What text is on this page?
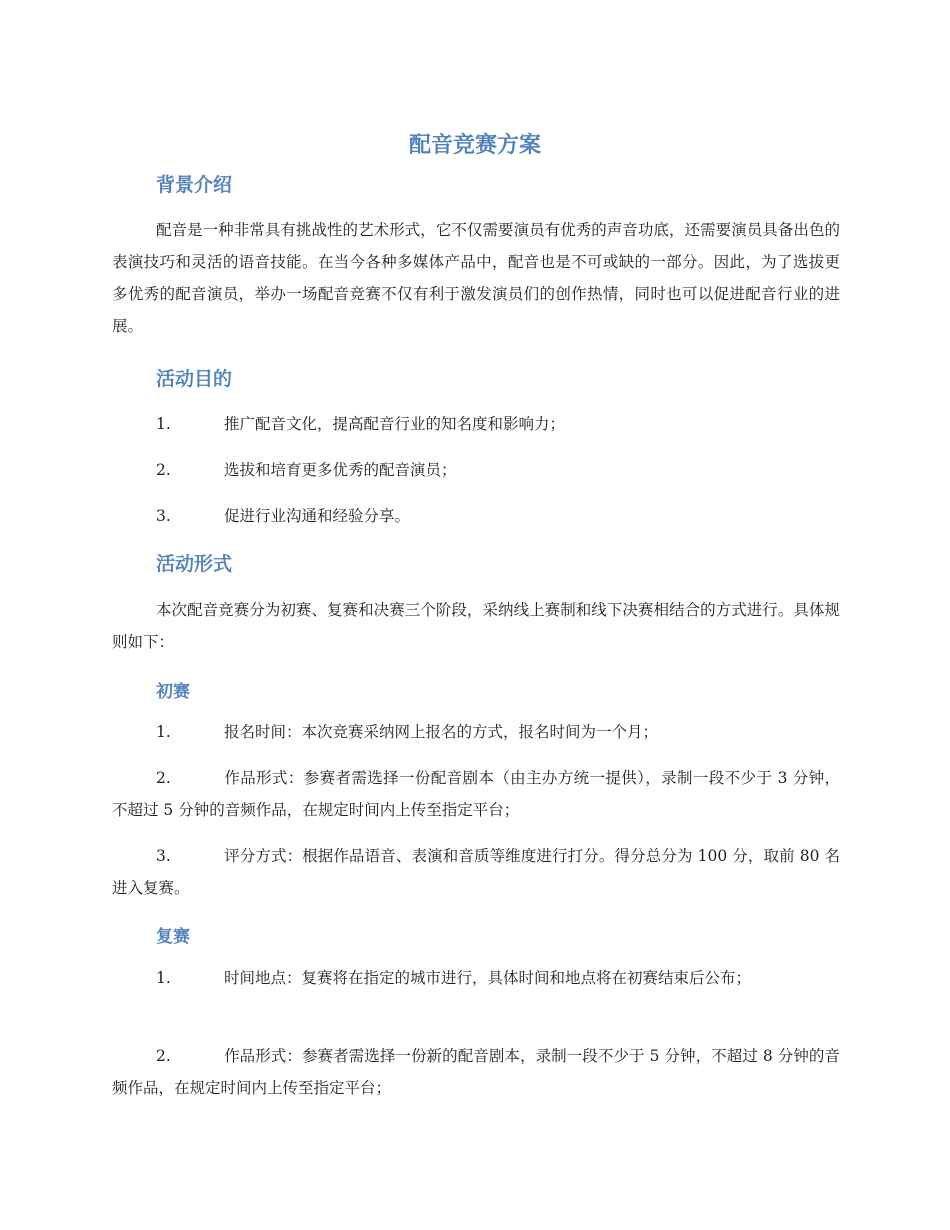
配音竞赛方案
背景介绍

配音是一种非常具有挑战性的艺术形式，它不仅需要演员有优秀的声音功底，还需要演员具备出色的表演技巧和灵活的语音技能。在当今各种多媒体产品中，配音也是不可或缺的一部分。因此，为了选拔更多优秀的配音演员，举办一场配音竞赛不仅有利于激发演员们的创作热情，同时也可以促进配音行业的进展。

活动目的

1.	推广配音文化，提高配音行业的知名度和影响力；

2.	选拔和培育更多优秀的配音演员；

3.	促进行业沟通和经验分享。

活动形式

本次配音竞赛分为初赛、复赛和决赛三个阶段，采纳线上赛制和线下决赛相结合的方式进行。具体规则如下：

初赛

1.	报名时间：本次竞赛采纳网上报名的方式，报名时间为一个月；

2.	作品形式：参赛者需选择一份配音剧本（由主办方统一提供），录制一段不少于 3 分钟，不超过 5 分钟的音频作品，在规定时间内上传至指定平台；

3.	评分方式：根据作品语音、表演和音质等维度进行打分。得分总分为 100 分，取前 80 名进入复赛。

复赛

1.	时间地点：复赛将在指定的城市进行，具体时间和地点将在初赛结束后公布；

2.	作品形式：参赛者需选择一份新的配音剧本，录制一段不少于 5 分钟，不超过 8 分钟的音频作品，在规定时间内上传至指定平台；
